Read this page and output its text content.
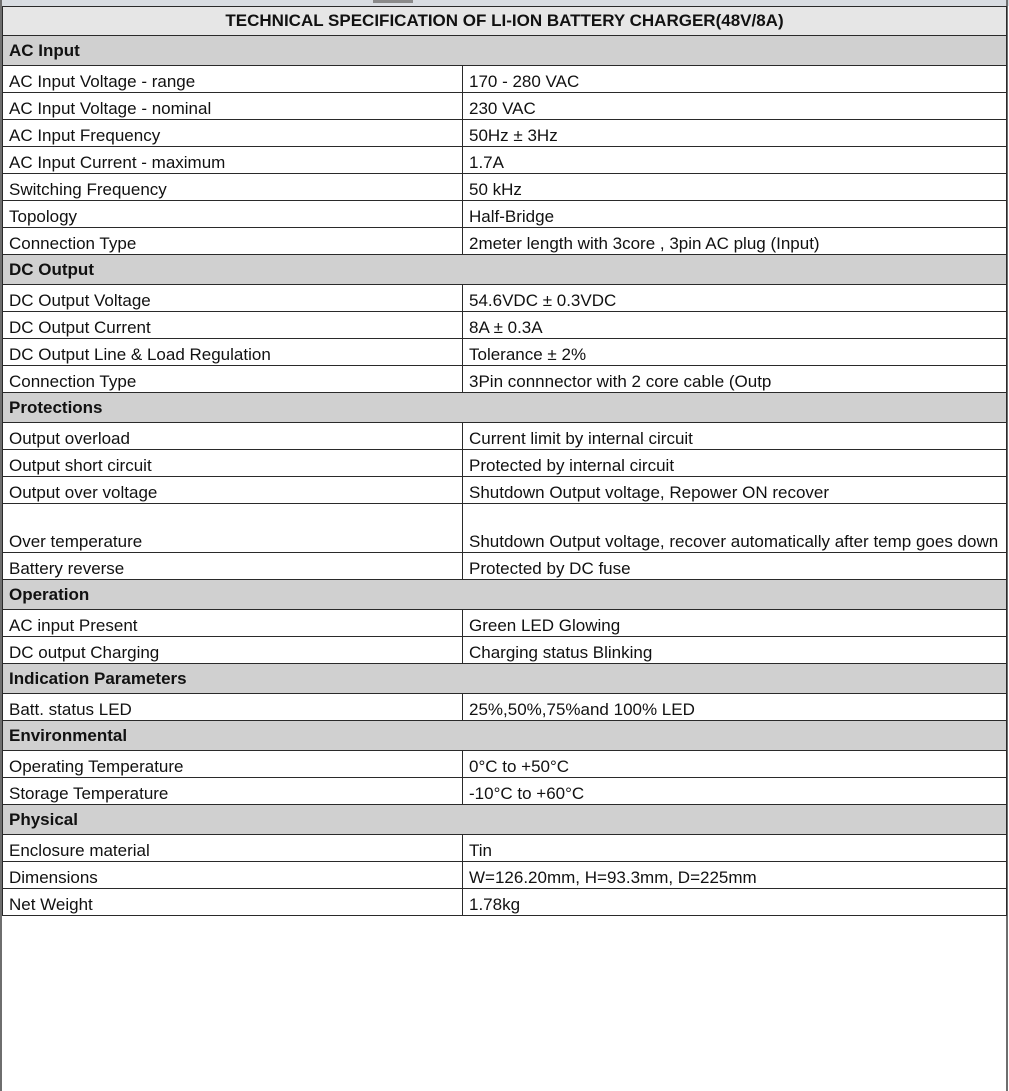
TECHNICAL SPECIFICATION OF LI-ION BATTERY CHARGER(48V/8A)	
AC Input	
AC Input Voltage - range	170 - 280 VAC
AC Input Voltage - nominal	230 VAC
AC Input Frequency	50Hz ± 3Hz
AC Input Current - maximum	1.7A
Switching Frequency	50 kHz
Topology	Half-Bridge
Connection Type	2meter length with 3core , 3pin AC plug (Input)
DC Output	
DC Output Voltage	54.6VDC ± 0.3VDC
DC Output Current	8A ± 0.3A
DC Output Line & Load Regulation	Tolerance ± 2%
Connection Type	3Pin connnector with 2 core cable (Outp
Protections	
Output overload	Current limit by internal circuit
Output short circuit	Protected by internal circuit
Output over voltage	Shutdown Output voltage, Repower ON recover
Over temperature	Shutdown Output voltage, recover automatically after temp goes down
Battery reverse	Protected by DC fuse
Operation	
AC input Present	Green LED Glowing
DC output Charging	Charging status Blinking
Indication Parameters	
Batt. status LED	25%,50%,75%and 100% LED
Environmental	
Operating Temperature	0°C to +50°C
Storage Temperature	-10°C to +60°C
Physical	
Enclosure material	Tin
Dimensions	W=126.20mm, H=93.3mm, D=225mm
Net Weight	1.78kg
